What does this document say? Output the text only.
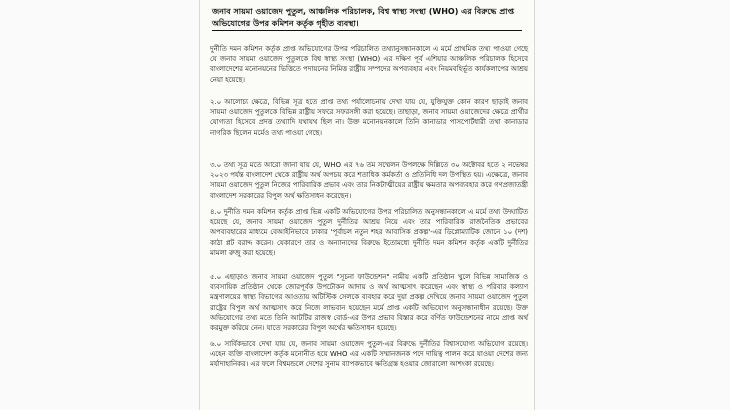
জনাব সায়মা ওয়াজেদ পুতুল, আঞ্চলিক পরিচালক, বিশ্ব স্বাস্থ্য সংস্থা (WHO) এর বিরুদ্ধে প্রাপ্ত অভিযোগের উপর কমিশন কর্তৃক গৃহীত ব্যবস্থা।
দুর্নীতি দমন কমিশন কর্তৃক প্রাপ্ত অভিযোগের উপর পরিচালিত তথ্যানুসন্ধানকালে এ মর্মে প্রাথমিক তথ্য পাওয়া গেছে যে জনাব সায়মা ওয়াজেদ পুতুলকে বিশ্ব স্বাস্থ্য সংস্থা (WHO) এর দক্ষিণ পূর্ব এশিয়ার আঞ্চলিক পরিচালক হিসেবে বাংলাদেশের মনোনয়নের ভিত্তিতে পদায়নের নিমিত্ত রাষ্ট্রীয় সম্পদের অপব্যবহার এবং নিয়মবহির্ভূত কার্যকলাপের আশ্রয় নেয়া হয়েছে।
২.০ আলোচ্য ক্ষেত্রে, বিভিন্ন সূত্র হতে প্রাপ্ত তথ্য পর্যালোচনায় দেখা যায় যে, যুক্তিযুক্ত কোন কারণ ছাড়াই জনাব সায়মা ওয়াজেদ পুতুলকে বিভিন্ন রাষ্ট্রীয় সফরে সফরসঙ্গী করা হয়েছে। তাছাড়া, জনাব সায়মা ওয়াজেদের ক্ষেত্রে প্রার্থীর যোগ্যতা হিসেবে প্রদত্ত তথ্যাদি যথাযথ ছিল না। উক্ত মনোনয়নকালে তিনি কানাডার পাসপোর্টধারী তথা কানাডার নাগরিক ছিলেন মর্মেও তথ্য পাওয়া গেছে।
৩.০ তথ্য সূত্র মতে আরো জানা যায় যে, WHO এর ৭৬ তম সম্মেলন উপলক্ষে দিল্লিতে ৩০ অক্টোবর হতে ২ নভেম্বর ২০২৩ পর্যন্ত বাংলাদেশ থেকে রাষ্ট্রীয় অর্থ অপচয় করে শতাধিক কর্মকর্তা ও প্রতিনিধি দল উপস্থিত হয়। এক্ষেত্রে, জনাব সায়মা ওয়াজেদ পুতুল নিজের পারিবারিক প্রভাব এবং তার নিকটাত্মীয়ের রাষ্ট্রীয় ক্ষমতার অপব্যবহার করে গণপ্রজাতন্ত্রী বাংলাদেশ সরকারের বিপুল অর্থ ক্ষতিসাধন করেছেন।
৪.০ দুর্নীতি দমন কমিশন কর্তৃক প্রাপ্ত ভিন্ন একটি অভিযোগের উপর পরিচালিত অনুসন্ধানকালে এ মর্মে তথ্য উদ্ঘাটিত হয়েছে যে, জনাব সায়মা ওয়াজেদ পুতুল দুর্নীতির আশ্রয় নিয়ে এবং তার পারিবারিক রাজনৈতিক প্রভাবের অপব্যবহারের মাধ্যমে বেআইনিভাবে ঢাকার 'পূর্বাচল নতুন শহর আবাসিক প্রকল্প'-এর ডিপ্লোম্যাটিক জোনে ১০ (দশ) কাঠা প্লট বরাদ্দ করেন। যেকারণে তার ও অন্যান্যদের বিরুদ্ধে ইতোমধ্যে দুর্নীতি দমন কমিশন কর্তৃক একটি দুর্নীতির মামলা রুজু করা হয়েছে।
৫.০ এছাড়াও জনাব সায়মা ওয়াজেদ পুতুল "সূচনা ফাউন্ডেশন" নামীয় একটি প্রতিষ্ঠান খুলে বিভিন্ন সামাজিক ও ব্যবসায়িক প্রতিষ্ঠান থেকে জোরপূর্বক উপঢৌকন আদায় ও অর্থ আত্মসাৎ করেছেন এবং স্বাস্থ্য ও পরিবার কল্যাণ মন্ত্রণালয়ের স্বাস্থ্য বিভাগের আওতায় অটিস্টিক সেলকে ব্যবহার করে দুয়া প্রকল্প দেখিয়ে জনাব সায়মা ওয়াজেদ পুতুল রাষ্ট্রের বিপুল অর্থ আত্মসাৎ করে নিজে লাভবান হয়েছেন মর্মে প্রাপ্ত একটি অভিযোগ অনুসন্ধানাধীন রয়েছে। উক্ত অভিযোগের তথ্য মতে তিনি আটটির রাজস্ব বোর্ড-এর উপর প্রভাব বিস্তার করে বর্ণিত ফাউন্ডেশনের নামে প্রাপ্ত অর্থ করমুক্ত করিয়ে নেন। যাতে সরকারের বিপুল অর্থের ক্ষতিসাধন হয়েছে।
৬.০ সার্বিকভাবে দেখা যায় যে, জনাব সায়মা ওয়াজেদ পুতুল-এর বিরুদ্ধে দুর্নীতির বিশ্বাসযোগ্য অভিযোগ রয়েছে। এহেন ব্যক্তি বাংলাদেশ কর্তৃক মনোনীত হয়ে WHO এর একটি সম্মানজনক পদে দায়িত্ব পালন করে যাওয়া দেশের জন্য মর্যাদাহানিকর। এর ফলে বিশ্বমন্ডলে দেশের সুনাম ব্যাপকভাবে ক্ষতিগ্রস্ত হওয়ার জোরালো আশংকা রয়েছে।
